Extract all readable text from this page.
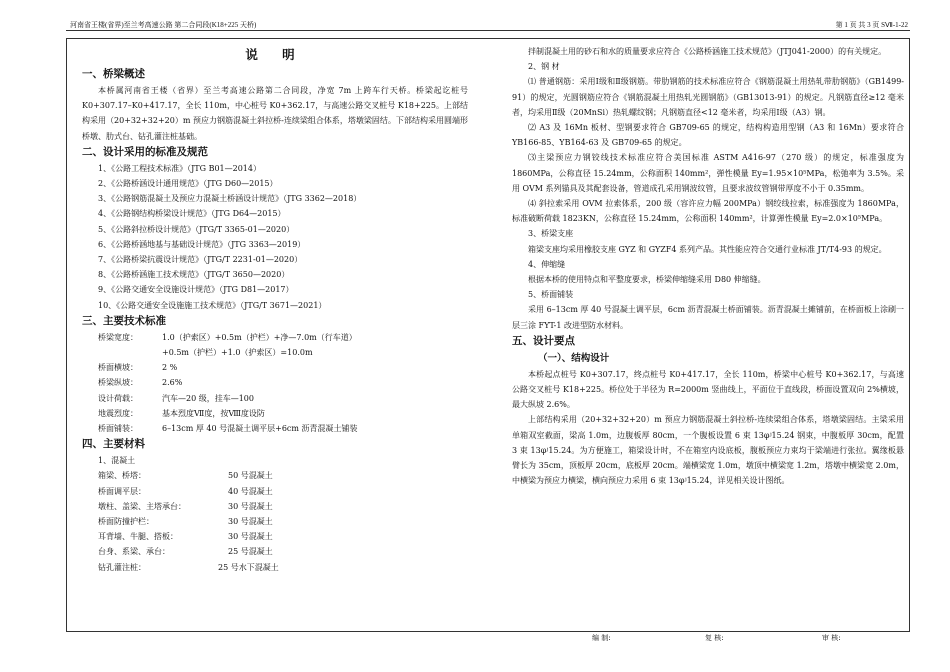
河南省王楼(省界)至兰考高速公路 第二合同段(K18+225 天桥)	第 1 页 共 3 页 SⅦ-1-22
说 明
一、桥梁概述

本桥属河南省王楼（省界）至兰考高速公路第二合同段，净宽 7m 上跨车行天桥。桥梁起讫桩号 K0+307.17–K0+417.17，全长 110m，中心桩号 K0+362.17，与高速公路交叉桩号 K18+225。上部结构采用（20+32+32+20）m 预应力钢筋混凝土斜拉桥-连续梁组合体系，塔墩梁固结。下部结构采用圆端形桥墩、肋式台、钻孔灌注桩基础。

二、设计采用的标准及规范
1、《公路工程技术标准》（JTG B01—2014）
2、《公路桥涵设计通用规范》（JTG D60—2015）
3、《公路钢筋混凝土及预应力混凝土桥涵设计规范》（JTG 3362—2018）
4、《公路钢结构桥梁设计规范》（JTG D64—2015）
5、《公路斜拉桥设计规范》（JTG/T 3365-01—2020）
6、《公路桥涵地基与基础设计规范》（JTG 3363—2019）
7、《公路桥梁抗震设计规范》（JTG/T 2231-01—2020）
8、《公路桥涵施工技术规范》（JTG/T 3650—2020）
9、《公路交通安全设施设计规范》（JTG D81—2017）
10、《公路交通安全设施施工技术规范》（JTG/T 3671—2021）
三、主要技术标准
桥梁宽度：	1.0（护索区）+0.5m（护栏）+净—7.0m（行车道）
+0.5m（护栏）+1.0（护索区）=10.0m
桥面横坡：	2 %
桥梁纵坡：	2.6%
设计荷载：	汽车—20 级，挂车—100
地震烈度：	基本烈度Ⅶ度，按Ⅷ度设防
桥面铺装：	6–13cm 厚 40 号混凝土调平层+6cm 沥青混凝土铺装
四、主要材料
1、混凝土
箱梁、桥塔：	50 号混凝土
桥面调平层：	40 号混凝土
墩柱、盖梁、主塔承台：	30 号混凝土
桥面防撞护栏：	30 号混凝土
耳背墙、牛腿、搭板：	30 号混凝土
台身、系梁、承台：	25 号混凝土
钻孔灌注桩：	25 号水下混凝土

拌制混凝土用的砂石和水的质量要求应符合《公路桥涵施工技术规范》（JTJ041-2000）的有关规定。

2、钢 材

⑴ 普通钢筋：采用Ⅰ级和Ⅱ级钢筋。带肋钢筋的技术标准应符合《钢筋混凝土用热轧带肋钢筋》（GB1499-91）的规定，光圆钢筋应符合《钢筋混凝土用热轧光圆钢筋》（GB13013-91）的规定。凡钢筋直径≥12 毫米者，均采用Ⅱ级（20MnSi）热轧螺纹钢；凡钢筋直径<12 毫米者，均采用Ⅰ级（A3）钢。

⑵ A3 及 16Mn 板材、型钢要求符合 GB709-65 的规定，结构构造用型钢（A3 和 16Mn）要求符合 YB166-85、YB164-63 及 GB709-65 的规定。

⑶主梁预应力钢铰线技术标准应符合美国标准 ASTM A416-97（270 级）的规定，标准强度为 1860MPa，公称直径 15.24mm，公称面积 140mm²，弹性模量 Ey=1.95×10⁵MPa，松弛率为 3.5%。采用 OVM 系列锚具及其配套设备，管道成孔采用钢波纹管，且要求波纹管钢带厚度不小于 0.35mm。

⑷ 斜拉索采用 OVM 拉索体系，200 级（容许应力幅 200MPa）钢绞线拉索，标准强度为 1860MPa，标准破断荷载 1823KN，公称直径 15.24mm，公称面积 140mm²，计算弹性模量 Ey=2.0×10⁵MPa。

3、桥梁支座

箱梁支座均采用橡胶支座 GYZ 和 GYZF4 系列产品。其性能应符合交通行业标准 JT/T4-93 的规定。

4、伸缩缝

根据本桥的使用特点和平整度要求，桥梁伸缩缝采用 D80 伸缩缝。

5、桥面铺装

采用 6–13cm 厚 40 号混凝土调平层，6cm 沥青混凝土桥面铺装。沥青混凝土摊铺前，在桥面板上涂刷一层三涂 FYT-1 改进型防水材料。

五、设计要点
（一）、结构设计

本桥起点桩号 K0+307.17，终点桩号 K0+417.17，全长 110m，桥梁中心桩号 K0+362.17，与高速公路交叉桩号 K18+225。桥位处于半径为 R=2000m 竖曲线上，平面位于直线段，桥面设置双向 2%横坡，最大纵坡 2.6%。

上部结构采用（20+32+32+20）m 预应力钢筋混凝土斜拉桥-连续梁组合体系，塔墩梁固结。主梁采用单箱双室截面，梁高 1.0m，边腹板厚 80cm，一个腹板设置 6 束 13φʲ15.24 钢束，中腹板厚 30cm，配置 3 束 13φʲ15.24。为方便施工，箱梁设计时，不在箱室内设底板，腹板预应力束均于梁端进行张拉。翼缘板悬臂长为 35cm，顶板厚 20cm，底板厚 20cm。端横梁宽 1.0m，墩顶中横梁宽 1.2m，塔墩中横梁宽 2.0m，中横梁为预应力横梁，横向预应力采用 6 束 13φʲ15.24，详见相关设计图纸。

编 制:	复 核:	审 核:
